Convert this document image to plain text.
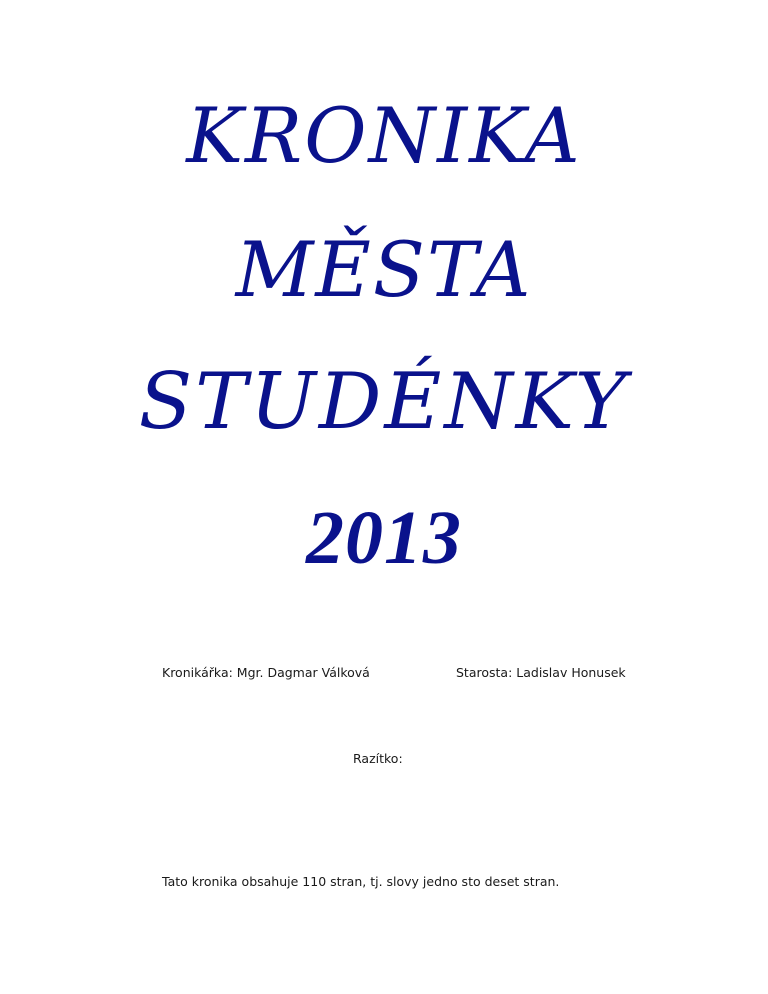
KRONIKA
MĚSTA
STUDÉNKY
2013
Kronikářka: Mgr. Dagmar Válková	Starosta: Ladislav Honusek
Razítko:
Tato kronika obsahuje 110 stran, tj. slovy jedno sto deset stran.
